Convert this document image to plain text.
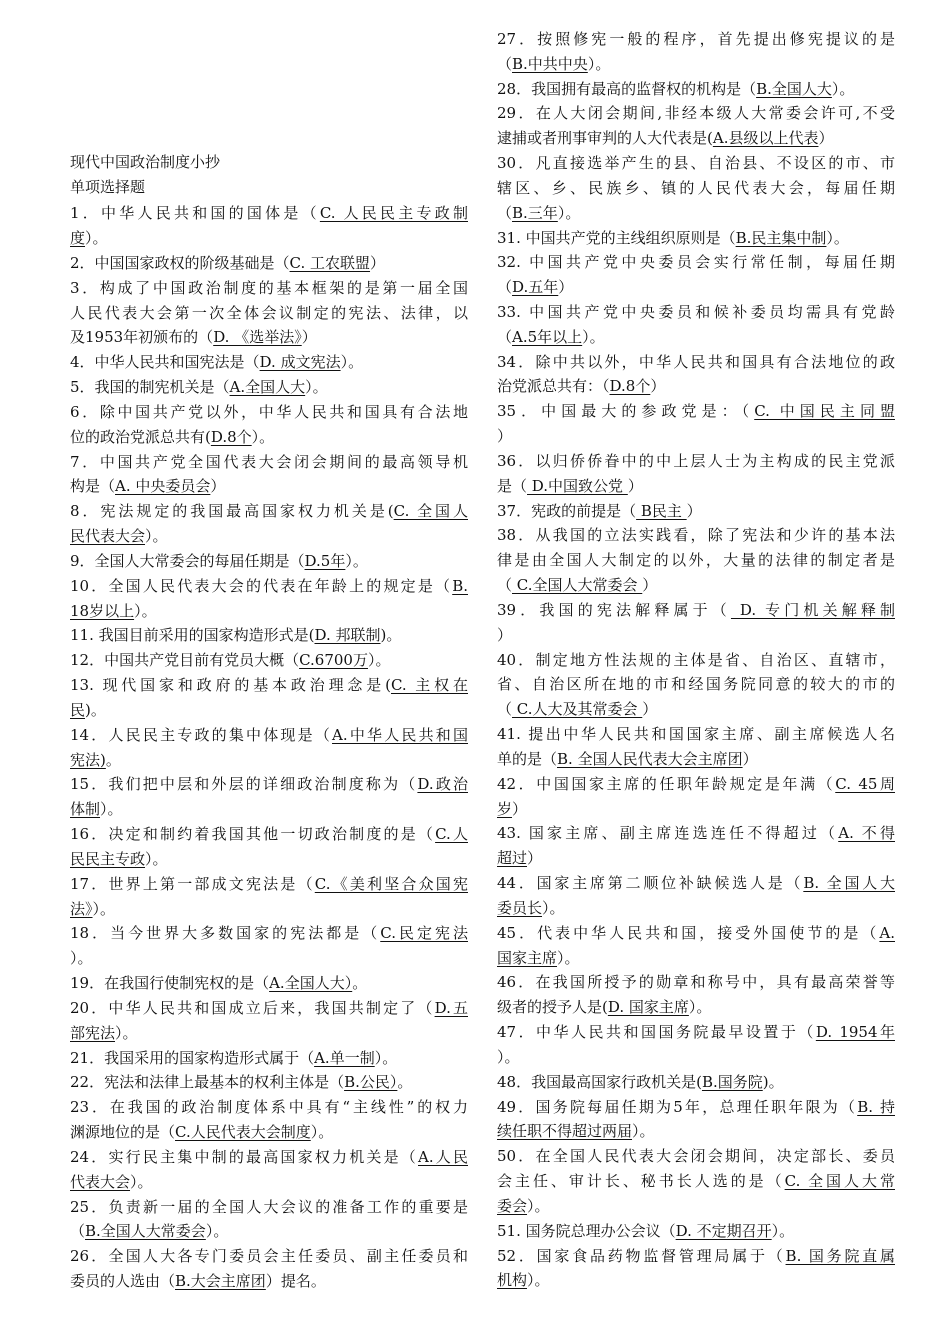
现代中国政治制度小抄
单项选择题
1．中华人民共和国的国体是（C. 人民民主专政制
度）。
2．中国国家政权的阶级基础是（C. 工农联盟）
3．构成了中国政治制度的基本框架的是第一届全国
人民代表大会第一次全体会议制定的宪法、法律，以
及1953年初颁布的（D. 《选举法》）
4．中华人民共和国宪法是（D. 成文宪法）。
5．我国的制宪机关是（A.全国人大）。
6．除中国共产党以外，中华人民共和国具有合法地
位的政治党派总共有(D.8个）。
7．中国共产党全国代表大会闭会期间的最高领导机
构是（A. 中央委员会）
8．宪法规定的我国最高国家权力机关是(C. 全国人
民代表大会）。
9．全国人大常委会的每届任期是（D.5年）。
10．全国人民代表大会的代表在年龄上的规定是（B.
18岁以上）。
11. 我国目前采用的国家构造形式是(D. 邦联制)。
12．中国共产党目前有党员大概（C.6700万）。
13. 现代国家和政府的基本政治理念是(C. 主权在
民)。
14．人民民主专政的集中体现是（A.中华人民共和国
宪法)。
15．我们把中层和外层的详细政治制度称为（D.政治
体制）。
16．决定和制约着我国其他一切政治制度的是（C.人
民民主专政）。
17．世界上第一部成文宪法是（C.《美利坚合众国宪
法》）。
18．当今世界大多数国家的宪法都是（C.民定宪法
）。
19．在我国行使制宪权的是（A.全国人大）。
20．中华人民共和国成立后来，我国共制定了（D.五
部宪法）。
21．我国采用的国家构造形式属于（A.单一制）。
22．宪法和法律上最基本的权利主体是（B.公民）。
23．在我国的政治制度体系中具有“主线性”的权力
渊源地位的是（C.人民代表大会制度）。
24．实行民主集中制的最高国家权力机关是（A.人民
代表大会）。
25．负责新一届的全国人大会议的准备工作的重要是
（B.全国人大常委会）。
26．全国人大各专门委员会主任委员、副主任委员和
委员的人选由（B.大会主席团）提名。
27．按照修宪一般的程序，首先提出修宪提议的是
（B.中共中央）。
28．我国拥有最高的监督权的机构是（B.全国人大）。
29．在人大闭会期间,非经本级人大常委会许可,不受
逮捕或者刑事审判的人大代表是(A.县级以上代表）
30．凡直接选举产生的县、自治县、不设区的市、市
辖区、乡、民族乡、镇的人民代表大会，每届任期
（B.三年）。
31. 中国共产党的主线组织原则是（B.民主集中制）。
32. 中国共产党中央委员会实行常任制，每届任期
（D.五年）
33. 中国共产党中央委员和候补委员均需具有党龄
（A.5年以上）。
34．除中共以外，中华人民共和国具有合法地位的政
治党派总共有：（D.8个）
35．中国最大的参政党是：（C. 中国民主同盟
）
36．以归侨侨眷中的中上层人士为主构成的民主党派
是（ D.中国致公党 ）
37．宪政的前提是（ B民主 ）
38．从我国的立法实践看，除了宪法和少许的基本法
律是由全国人大制定的以外，大量的法律的制定者是
（ C.全国人大常委会 ）
39．我国的宪法解释属于（ D. 专门机关解释制
）
40．制定地方性法规的主体是省、自治区、直辖市，
省、自治区所在地的市和经国务院同意的较大的市的
（ C.人大及其常委会 ）
41. 提出中华人民共和国国家主席、副主席候选人名
单的是（B. 全国人民代表大会主席团）
42．中国国家主席的任职年龄规定是年满（C. 45周
岁）
43. 国家主席、副主席连选连任不得超过（A. 不得
超过）
44．国家主席第二顺位补缺候选人是（B. 全国人大
委员长）。
45．代表中华人民共和国，接受外国使节的是（A.
国家主席）。
46．在我国所授予的勋章和称号中，具有最高荣誉等
级者的授予人是(D. 国家主席）。
47．中华人民共和国国务院最早设置于（D. 1954年
）。
48．我国最高国家行政机关是(B.国务院)。
49．国务院每届任期为5年，总理任职年限为（B. 持
续任职不得超过两届）。
50．在全国人民代表大会闭会期间，决定部长、委员
会主任、审计长、秘书长人选的是（C. 全国人大常
委会）。
51. 国务院总理办公会议（D. 不定期召开）。
52．国家食品药物监督管理局属于（B. 国务院直属
机构）。
